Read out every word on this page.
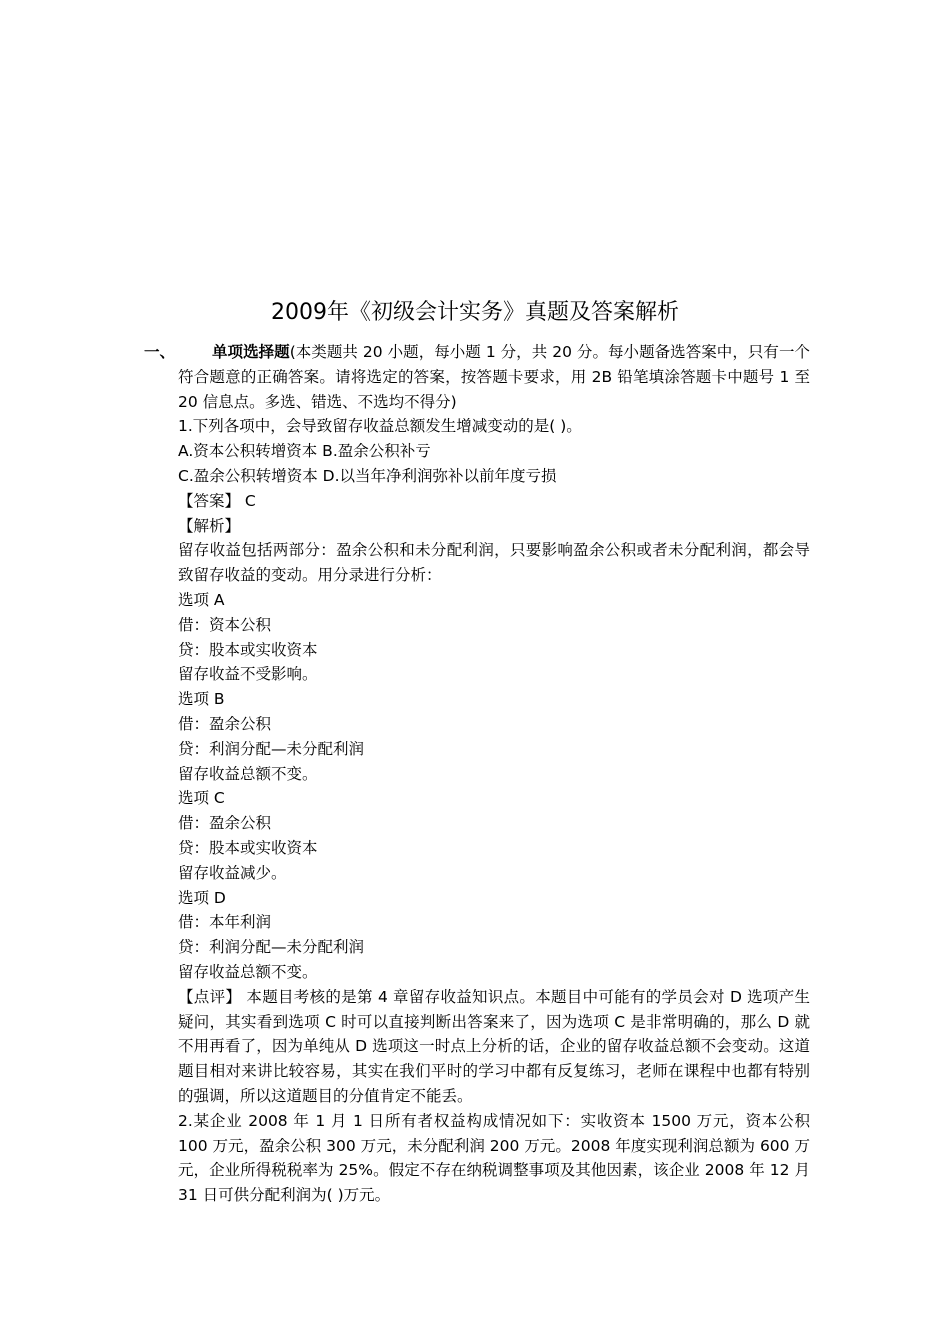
2009年《初级会计实务》真题及答案解析
一、	单项选择题(本类题共 20 小题，每小题 1 分，共 20 分。每小题备选答案中，只有一个符合题意的正确答案。请将选定的答案，按答题卡要求，用 2B 铅笔填涂答题卡中题号 1 至 20 信息点。多选、错选、不选均不得分)
1.下列各项中，会导致留存收益总额发生增减变动的是( )。
A.资本公积转增资本 B.盈余公积补亏
C.盈余公积转增资本 D.以当年净利润弥补以前年度亏损
【答案】 C
【解析】
留存收益包括两部分：盈余公积和未分配利润，只要影响盈余公积或者未分配利润，都会导致留存收益的变动。用分录进行分析：
选项 A
借：资本公积
贷：股本或实收资本
留存收益不受影响。
选项 B
借：盈余公积
贷：利润分配—未分配利润
留存收益总额不变。
选项 C
借：盈余公积
贷：股本或实收资本
留存收益减少。
选项 D
借：本年利润
贷：利润分配—未分配利润
留存收益总额不变。
【点评】 本题目考核的是第 4 章留存收益知识点。本题目中可能有的学员会对 D 选项产生疑问，其实看到选项 C 时可以直接判断出答案来了，因为选项 C 是非常明确的，那么 D 就不用再看了，因为单纯从 D 选项这一时点上分析的话，企业的留存收益总额不会变动。这道题目相对来讲比较容易，其实在我们平时的学习中都有反复练习，老师在课程中也都有特别的强调，所以这道题目的分值肯定不能丢。
2.某企业 2008 年 1 月 1 日所有者权益构成情况如下：实收资本 1500 万元，资本公积 100 万元，盈余公积 300 万元，未分配利润 200 万元。2008 年度实现利润总额为 600 万元，企业所得税税率为 25%。假定不存在纳税调整事项及其他因素，该企业 2008 年 12 月 31 日可供分配利润为( )万元。
